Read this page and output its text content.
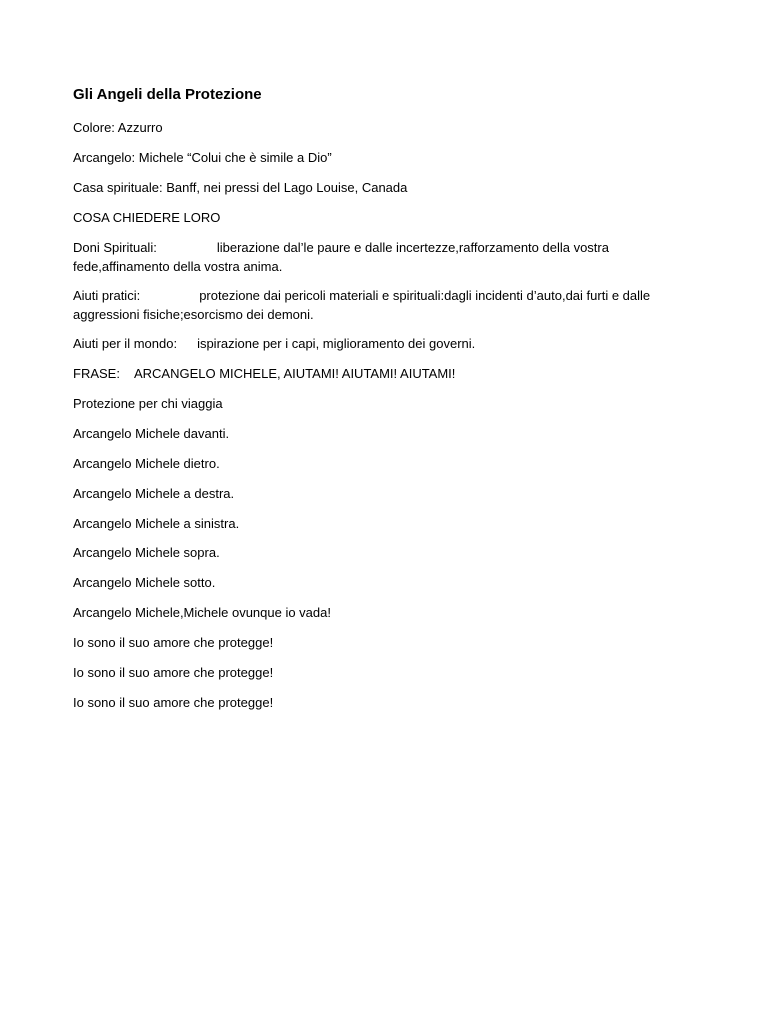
Gli Angeli della Protezione
Colore: Azzurro
Arcangelo: Michele “Colui che è simile a Dio”
Casa spirituale: Banff, nei pressi del Lago Louise, Canada
COSA CHIEDERE LORO
Doni Spirituali:	liberazione dal’le paure e dalle incertezze,rafforzamento della vostra fede,affinamento della vostra anima.
Aiuti pratici:	protezione dai pericoli materiali e spirituali:dagli incidenti d’auto,dai furti e dalle aggressioni fisiche;esorcismo dei demoni.
Aiuti per il mondo: ispirazione per i capi, miglioramento dei governi.
FRASE: ARCANGELO MICHELE, AIUTAMI! AIUTAMI! AIUTAMI!
Protezione per chi viaggia
Arcangelo Michele davanti.
Arcangelo Michele dietro.
Arcangelo Michele a destra.
Arcangelo Michele a sinistra.
Arcangelo Michele sopra.
Arcangelo Michele sotto.
Arcangelo Michele,Michele ovunque io vada!
Io sono il suo amore che protegge!
Io sono il suo amore che protegge!
Io sono il suo amore che protegge!
